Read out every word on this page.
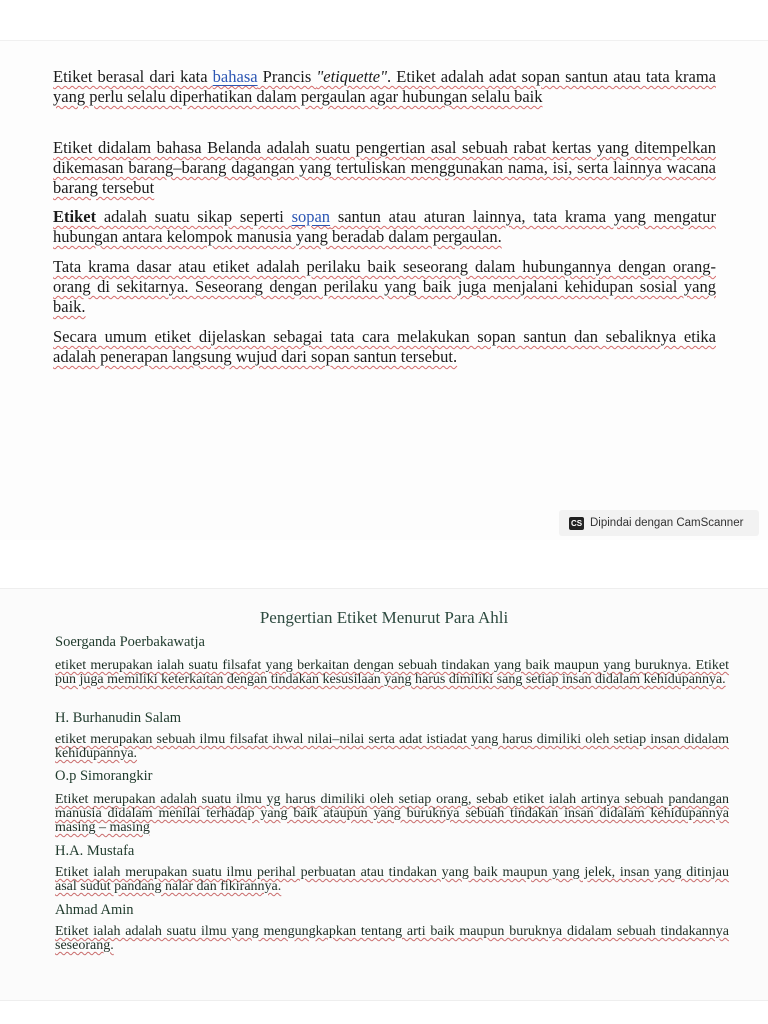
Etiket berasal dari kata bahasa Prancis "etiquette". Etiket adalah adat sopan santun atau tata krama yang perlu selalu diperhatikan dalam pergaulan agar hubungan selalu baik
Etiket didalam bahasa Belanda adalah suatu pengertian asal sebuah rabat kertas yang ditempelkan dikemasan barang–barang dagangan yang tertuliskan menggunakan nama, isi, serta lainnya wacana barang tersebut
Etiket adalah suatu sikap seperti sopan santun atau aturan lainnya, tata krama yang mengatur hubungan antara kelompok manusia yang beradab dalam pergaulan.
Tata krama dasar atau etiket adalah perilaku baik seseorang dalam hubungannya dengan orang-orang di sekitarnya. Seseorang dengan perilaku yang baik juga menjalani kehidupan sosial yang baik.
Secara umum etiket dijelaskan sebagai tata cara melakukan sopan santun dan sebaliknya etika adalah penerapan langsung wujud dari sopan santun tersebut.
CS Dipindai dengan CamScanner
Pengertian Etiket Menurut Para Ahli
Soerganda Poerbakawatja
etiket merupakan ialah suatu filsafat yang berkaitan dengan sebuah tindakan yang baik maupun yang buruknya. Etiket pun juga memiliki keterkaitan dengan tindakan kesusilaan yang harus dimiliki sang setiap insan didalam kehidupannya.
H. Burhanudin Salam
etiket merupakan sebuah ilmu filsafat ihwal nilai–nilai serta adat istiadat yang harus dimiliki oleh setiap insan didalam kehidupannya.
O.p Simorangkir
Etiket merupakan adalah suatu ilmu yg harus dimiliki oleh setiap orang, sebab etiket ialah artinya sebuah pandangan manusia didalam menilai terhadap yang baik ataupun yang buruknya sebuah tindakan insan didalam kehidupannya masing – masing
H.A. Mustafa
Etiket ialah merupakan suatu ilmu perihal perbuatan atau tindakan yang baik maupun yang jelek, insan yang ditinjau asal sudut pandang nalar dan fikirannya.
Ahmad Amin
Etiket ialah adalah suatu ilmu yang mengungkapkan tentang arti baik maupun buruknya didalam sebuah tindakannya seseorang.
